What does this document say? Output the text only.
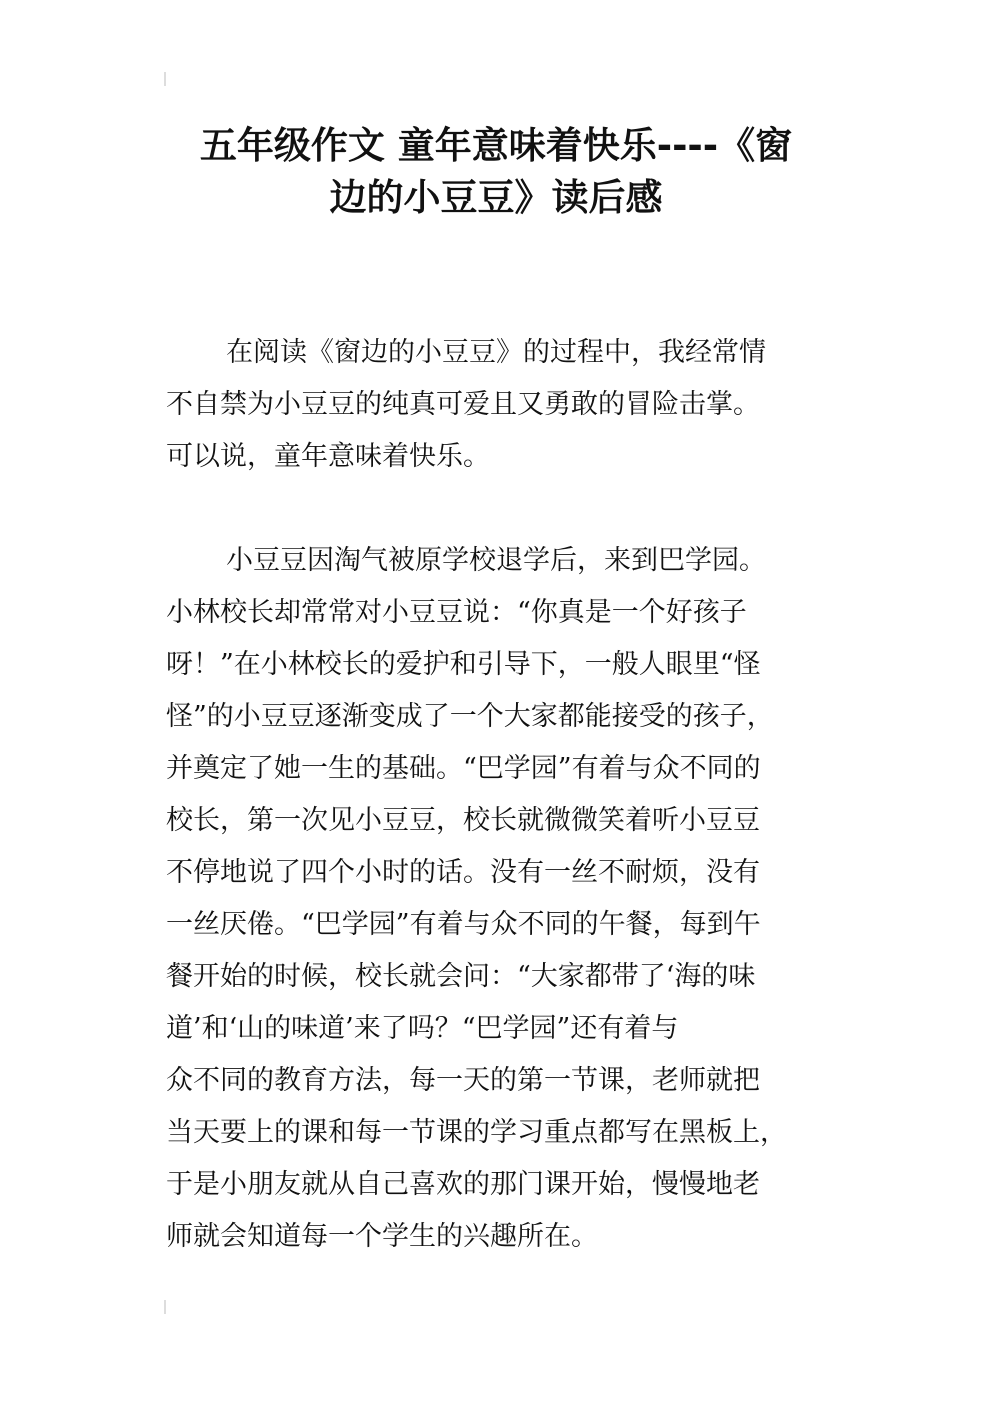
五年级作文 童年意味着快乐----《窗
边的小豆豆》读后感
在阅读《窗边的小豆豆》的过程中，我经常情
不自禁为小豆豆的纯真可爱且又勇敢的冒险击掌。
可以说，童年意味着快乐。
小豆豆因淘气被原学校退学后，来到巴学园。
小林校长却常常对小豆豆说：“你真是一个好孩子
呀！”在小林校长的爱护和引导下，一般人眼里“怪
怪”的小豆豆逐渐变成了一个大家都能接受的孩子，
并奠定了她一生的基础。“巴学园”有着与众不同的
校长，第一次见小豆豆，校长就微微笑着听小豆豆
不停地说了四个小时的话。没有一丝不耐烦，没有
一丝厌倦。“巴学园”有着与众不同的午餐，每到午
餐开始的时候，校长就会问：“大家都带了‘海的味
道’和‘山的味道’来了吗？“巴学园”还有着与
众不同的教育方法，每一天的第一节课，老师就把
当天要上的课和每一节课的学习重点都写在黑板上，
于是小朋友就从自己喜欢的那门课开始，慢慢地老
师就会知道每一个学生的兴趣所在。
